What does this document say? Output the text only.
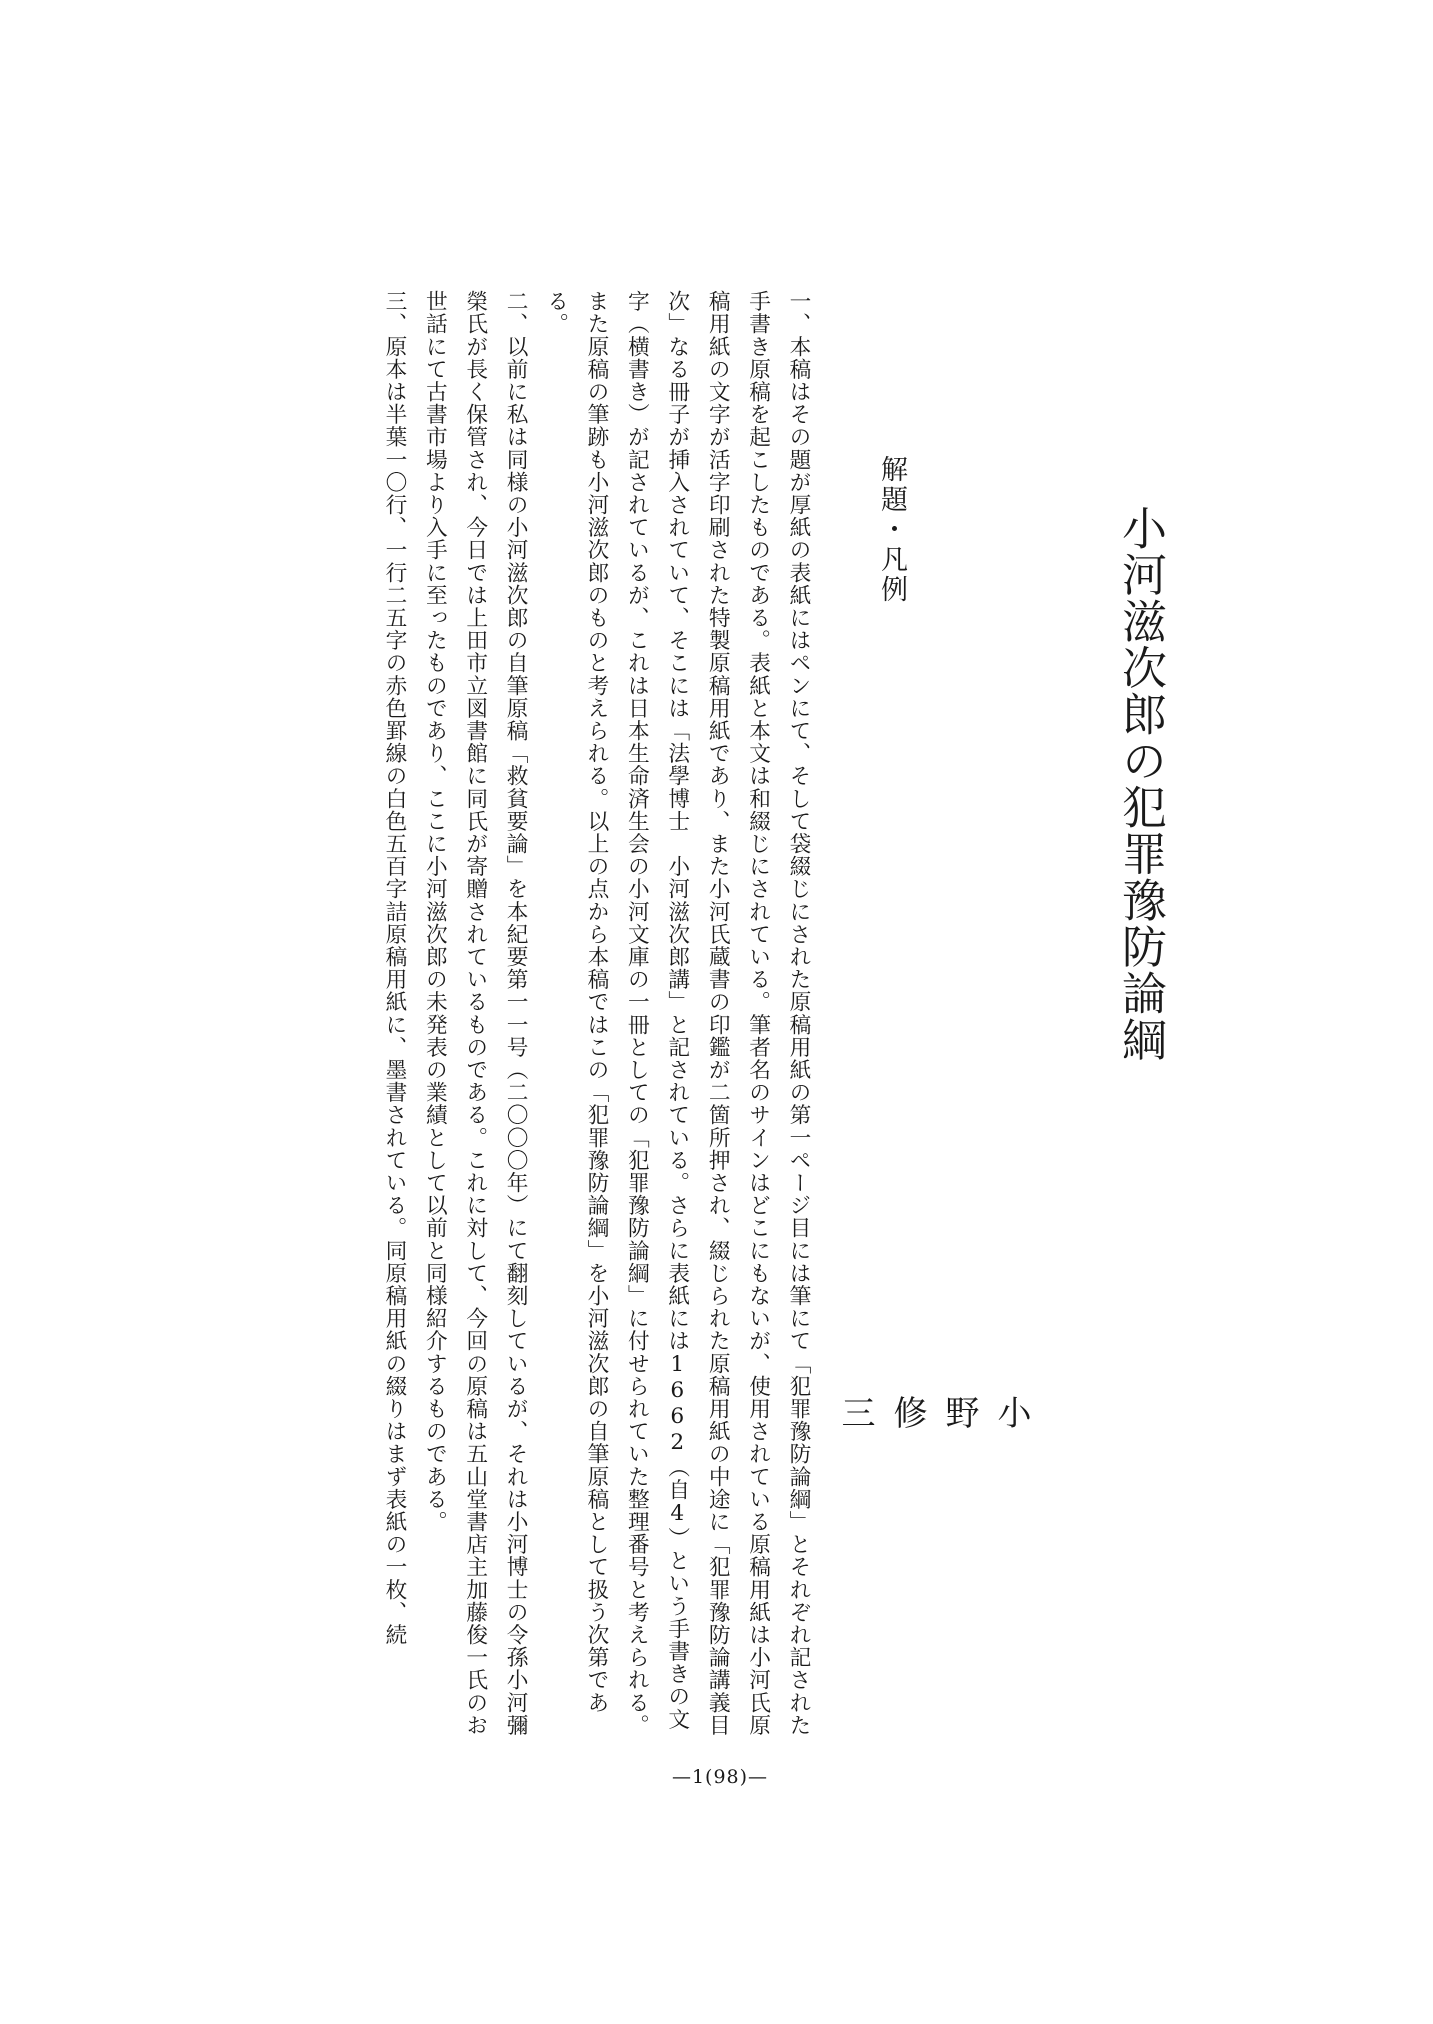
小河滋次郎の犯罪豫防論綱
小
野
修
三
解題・凡例

一、本稿はその題が厚紙の表紙にはペンにて、そして袋綴じにされた原稿用紙の第一ページ目には筆にて「犯罪豫防論綱」とそれぞれ記された手書き原稿を起こしたものである。表紙と本文は和綴じにされている。筆者名のサインはどこにもないが、使用されている原稿用紙は小河氏原稿用紙の文字が活字印刷された特製原稿用紙であり、また小河氏蔵書の印鑑が二箇所押され、綴じられた原稿用紙の中途に「犯罪豫防論講義目次」なる冊子が挿入されていて、そこには「法學博士　小河滋次郎講」と記されている。さらに表紙には1662（自4）という手書きの文字（横書き）が記されているが、これは日本生命済生会の小河文庫の一冊としての「犯罪豫防論綱」に付せられていた整理番号と考えられる。また原稿の筆跡も小河滋次郎のものと考えられる。以上の点から本稿ではこの「犯罪豫防論綱」を小河滋次郎の自筆原稿として扱う次第である。

二、以前に私は同様の小河滋次郎の自筆原稿「救貧要論」を本紀要第一一号（二〇〇〇年）にて翻刻しているが、それは小河博士の令孫小河彌榮氏が長く保管され、今日では上田市立図書館に同氏が寄贈されているものである。これに対して、今回の原稿は五山堂書店主加藤俊一氏のお世話にて古書市場より入手に至ったものであり、ここに小河滋次郎の未発表の業績として以前と同様紹介するものである。

三、原本は半葉一〇行、一行二五字の赤色罫線の白色五百字詰原稿用紙に、墨書されている。同原稿用紙の綴りはまず表紙の一枚、続

—1(98)—
